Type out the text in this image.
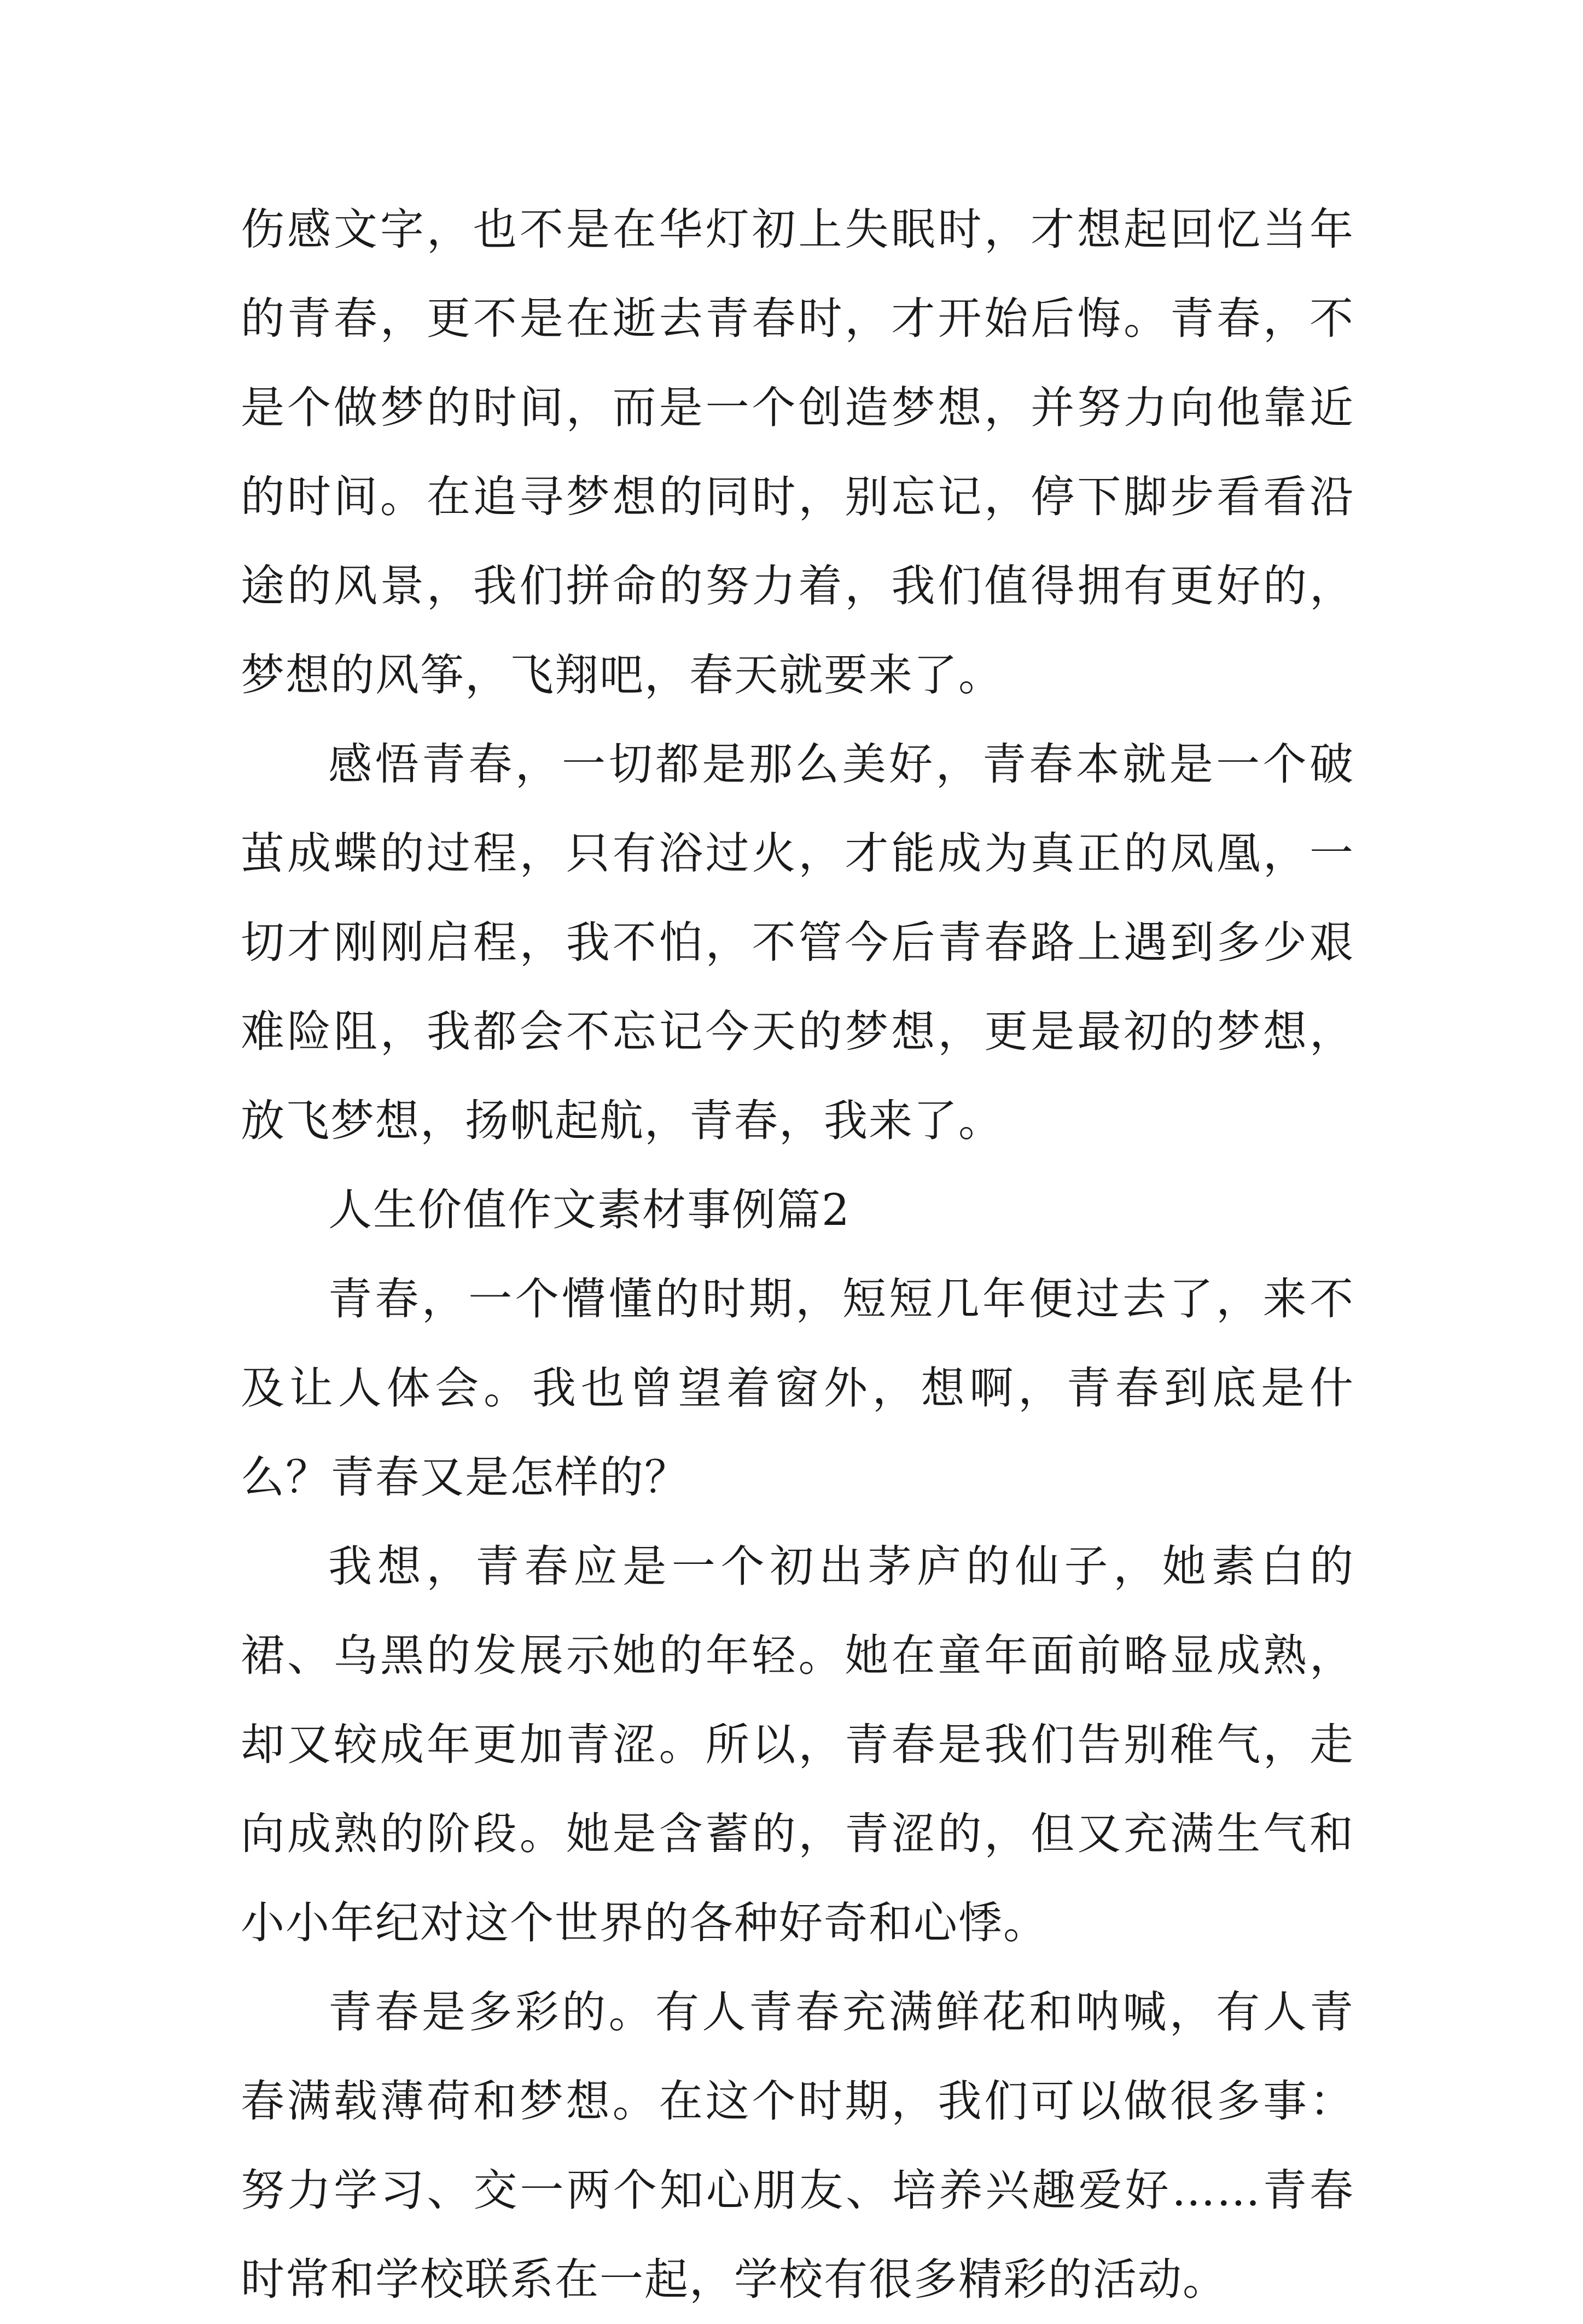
伤感文字，也不是在华灯初上失眠时，才想起回忆当年的青春，更不是在逝去青春时，才开始后悔。青春，不是个做梦的时间，而是一个创造梦想，并努力向他靠近的时间。在追寻梦想的同时，别忘记，停下脚步看看沿途的风景，我们拼命的努力着，我们值得拥有更好的，梦想的风筝，飞翔吧，春天就要来了。

感悟青春，一切都是那么美好，青春本就是一个破茧成蝶的过程，只有浴过火，才能成为真正的凤凰，一切才刚刚启程，我不怕，不管今后青春路上遇到多少艰难险阻，我都会不忘记今天的梦想，更是最初的梦想，放飞梦想，扬帆起航，青春，我来了。

人生价值作文素材事例篇2

青春，一个懵懂的时期，短短几年便过去了，来不及让人体会。我也曾望着窗外，想啊，青春到底是什么？青春又是怎样的？

我想，青春应是一个初出茅庐的仙子，她素白的裙、乌黑的发展示她的年轻。她在童年面前略显成熟，却又较成年更加青涩。所以，青春是我们告别稚气，走向成熟的阶段。她是含蓄的，青涩的，但又充满生气和小小年纪对这个世界的各种好奇和心悸。

青春是多彩的。有人青春充满鲜花和呐喊，有人青春满载薄荷和梦想。在这个时期，我们可以做很多事：努力学习、交一两个知心朋友、培养兴趣爱好……青春时常和学校联系在一起，学校有很多精彩的活动。
